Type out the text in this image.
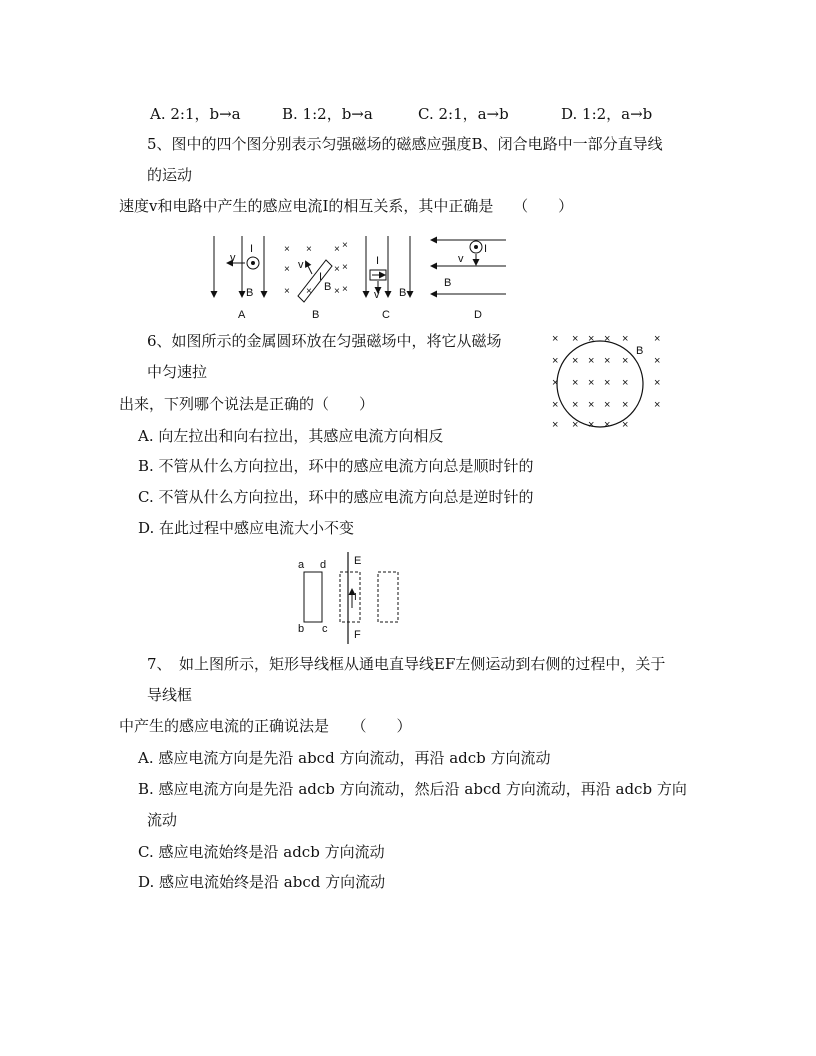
A. 2:1，b→a	B. 1:2，b→a	C. 2:1，a→b	D. 1:2，a→b
5、图中的四个图分别表示匀强磁场的磁感应强度B、闭合电路中一部分直导线
的运动
速度v和电路中产生的感应电流I的相互关系，其中正确是　 （　　）
v
I
B
A
× × ×
×	×
× × ×
v
I
B
B
×
×
×
I
v B
C
I
v
B
D
6、如图所示的金属圆环放在匀强磁场中，将它从磁场
中匀速拉
出来，下列哪个说法是正确的（　　）
A. 向左拉出和向右拉出，其感应电流方向相反
B. 不管从什么方向拉出，环中的感应电流方向总是顺时针的
C. 不管从什么方向拉出，环中的感应电流方向总是逆时针的
D. 在此过程中感应电流大小不变
× × × × × ×
× × × × × ×
× × × × × ×
× × × × × ×
× × × × ×
B
a d
b c
E
F
I
7、　如上图所示，矩形导线框从通电直导线EF左侧运动到右侧的过程中，关于
导线框
中产生的感应电流的正确说法是　　（　　）
A. 感应电流方向是先沿 abcd 方向流动，再沿 adcb 方向流动
B. 感应电流方向是先沿 adcb 方向流动，然后沿 abcd 方向流动，再沿 adcb 方向
流动
C. 感应电流始终是沿 adcb 方向流动
D. 感应电流始终是沿 abcd 方向流动
